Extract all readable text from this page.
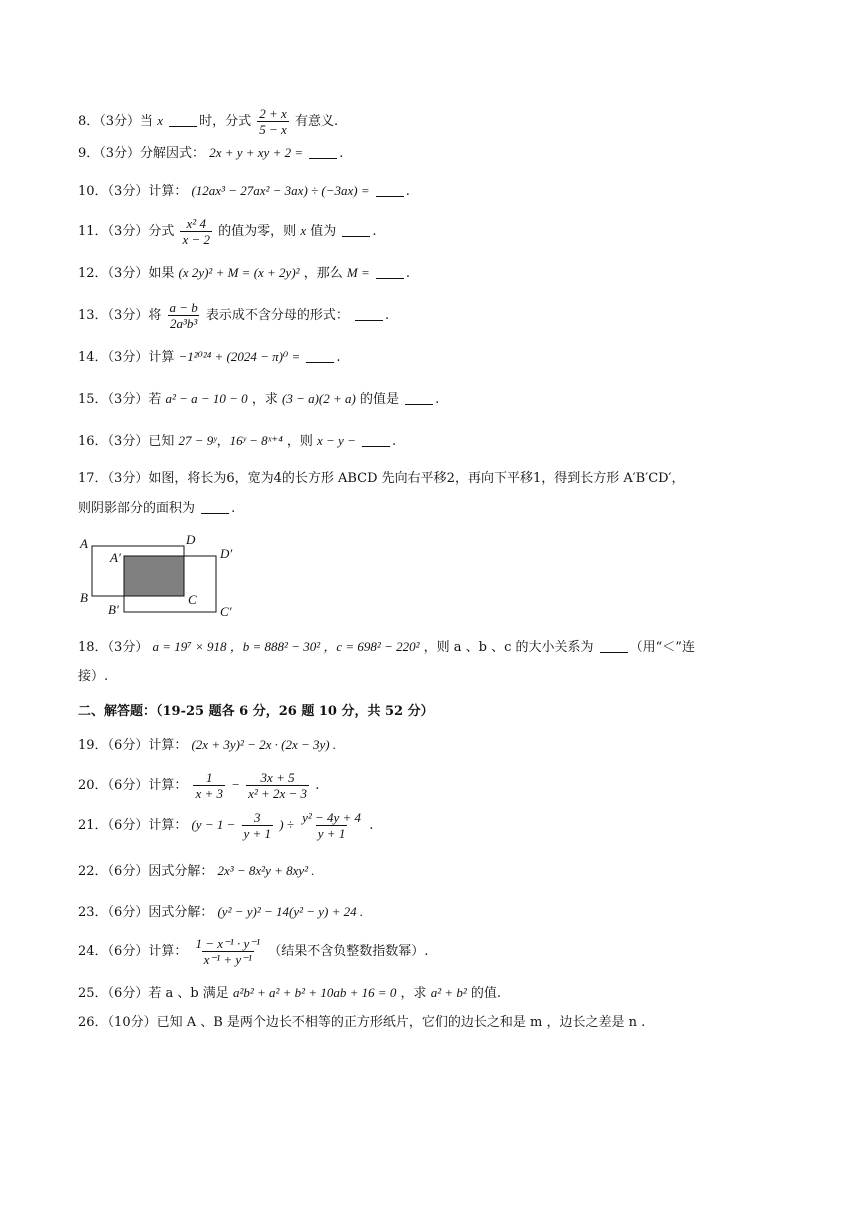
8．（3分）当 x	时，分式 $\frac{2 + x}{5 - x}$ 有意义.
9．（3分）分解因式： 2x + y + xy + 2 =	.
10．（3分）计算： (12ax³ − 27ax² − 3ax) ÷ (−3ax) =	.
11．（3分）分式 $\frac{\text{x² 4}}{x - 2}$ 的值为零，则 x 值为	.
12．（3分）如果 (x 2y)² + M = (x + 2y)² ，那么 M =	.
13．（3分）将 $\frac{a - b}{\text{2a³b³}}$ 表示成不含分母的形式：	.
14．（3分）计算 −1²⁰²⁴ + (2024 − π)⁰ =	.
15．（3分）若 a² − a − 10 − 0 ，求 (3 − a)(2 + a) 的值是	.
16．（3分）已知 27 − 9ʸ，16ʸ − 8ˣ⁺⁴ ，则 x − y −	.
17．（3分）如图，将长为6，宽为4的长方形 ABCD 先向右平移2，再向下平移1，得到长方形 A′B′CD′，
则阴影部分的面积为	.
A	D
A′	D′
B
B′
C
C′
18．（3分） a = 19⁷ × 918 ，b = 888² − 30² ，c = 698² − 220² ，则 a 、b 、c 的大小关系为	（用“＜”连
接）.
二、解答题：（19-25 题各 6 分，26 题 10 分，共 52 分）
19．（6分）计算： (2x + 3y)² − 2x · (2x − 3y) .
20．（6分）计算： $\frac{1}{x + 3} - \frac{3x + 5}{\text{x² + 2x − 3}}$ .
21．（6分）计算： ($y - 1 - \frac{3}{y + 1}$ ) ÷ $\frac{\text{y² − 4y + 4}}{y + 1}$ .
22．（6分）因式分解： 2x³ − 8x²y + 8xy² .
23．（6分）因式分解： (y² − y)² − 14(y² − y) + 24 .
24．（6分）计算： $\frac{\text{1 − x⁻¹ · y⁻¹}}{\text{x⁻¹ + y⁻¹}}$ （结果不含负整数指数幂）.
25．（6分）若 a 、b 满足 a²b² + a² + b² + 10ab + 16 = 0 ，求 a² + b² 的值.
26．（10分）已知 A 、B 是两个边长不相等的正方形纸片，它们的边长之和是 m ，边长之差是 n .
